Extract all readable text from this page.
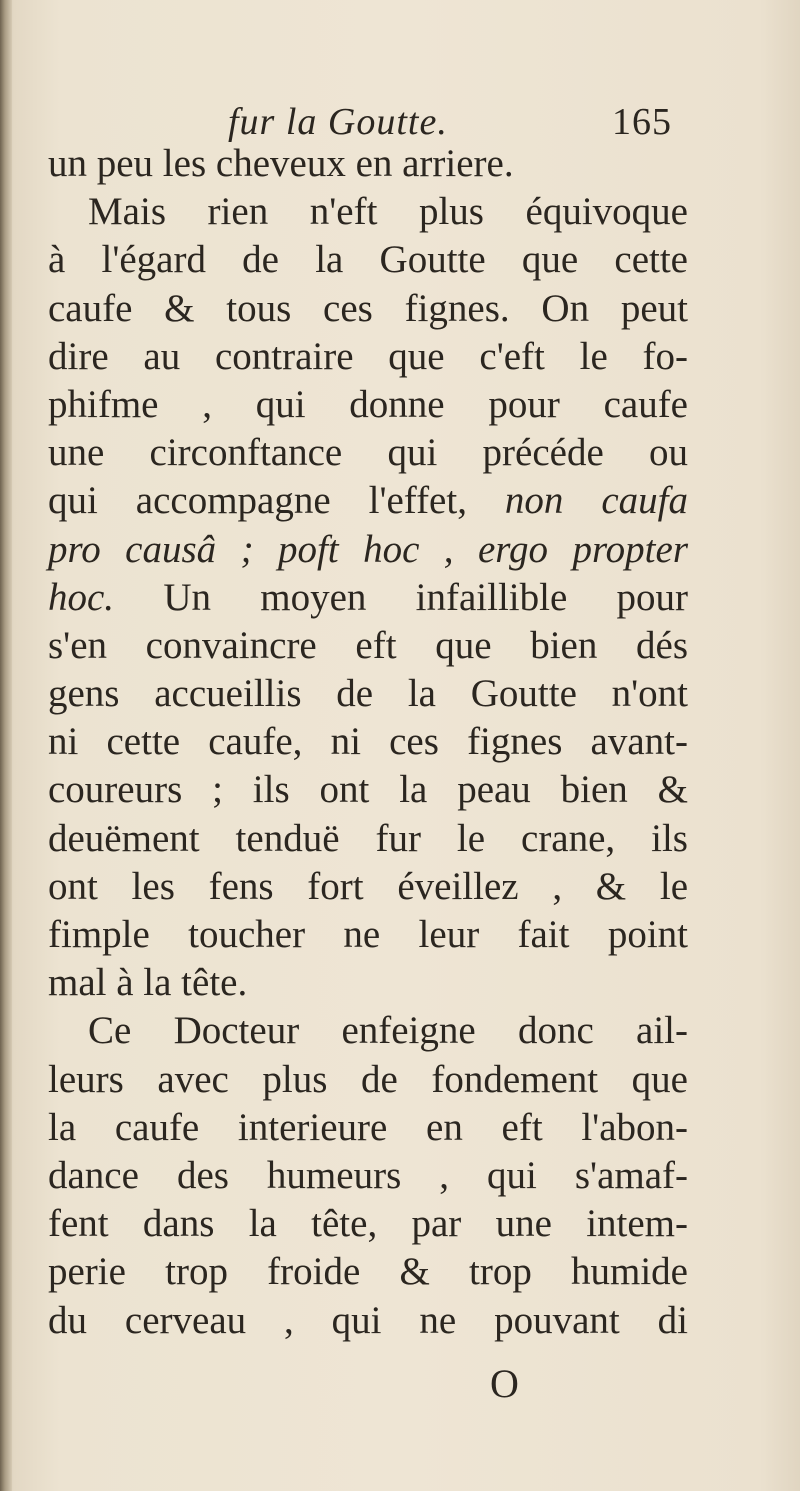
fur la Goutte.	165
un peu les cheveux en arriere.
Mais rien n'eft plus équivoque
à l'égard de la Goutte que cette
caufe & tous ces fignes. On peut
dire au contraire que c'eft le fo-
phifme , qui donne pour caufe
une circonftance qui précéde ou
qui accompagne l'effet, non caufa
pro causâ ; poft hoc , ergo propter
hoc. Un moyen infaillible pour
s'en convaincre eft que bien dés
gens accueillis de la Goutte n'ont
ni cette caufe, ni ces fignes avant-
coureurs ; ils ont la peau bien &
deuëment tenduë fur le crane, ils
ont les fens fort éveillez , & le
fimple toucher ne leur fait point
mal à la tête.
Ce Docteur enfeigne donc ail-
leurs avec plus de fondement que
la caufe interieure en eft l'abon-
dance des humeurs , qui s'amaf-
fent dans la tête, par une intem-
perie trop froide & trop humide
du cerveau , qui ne pouvant di
O
